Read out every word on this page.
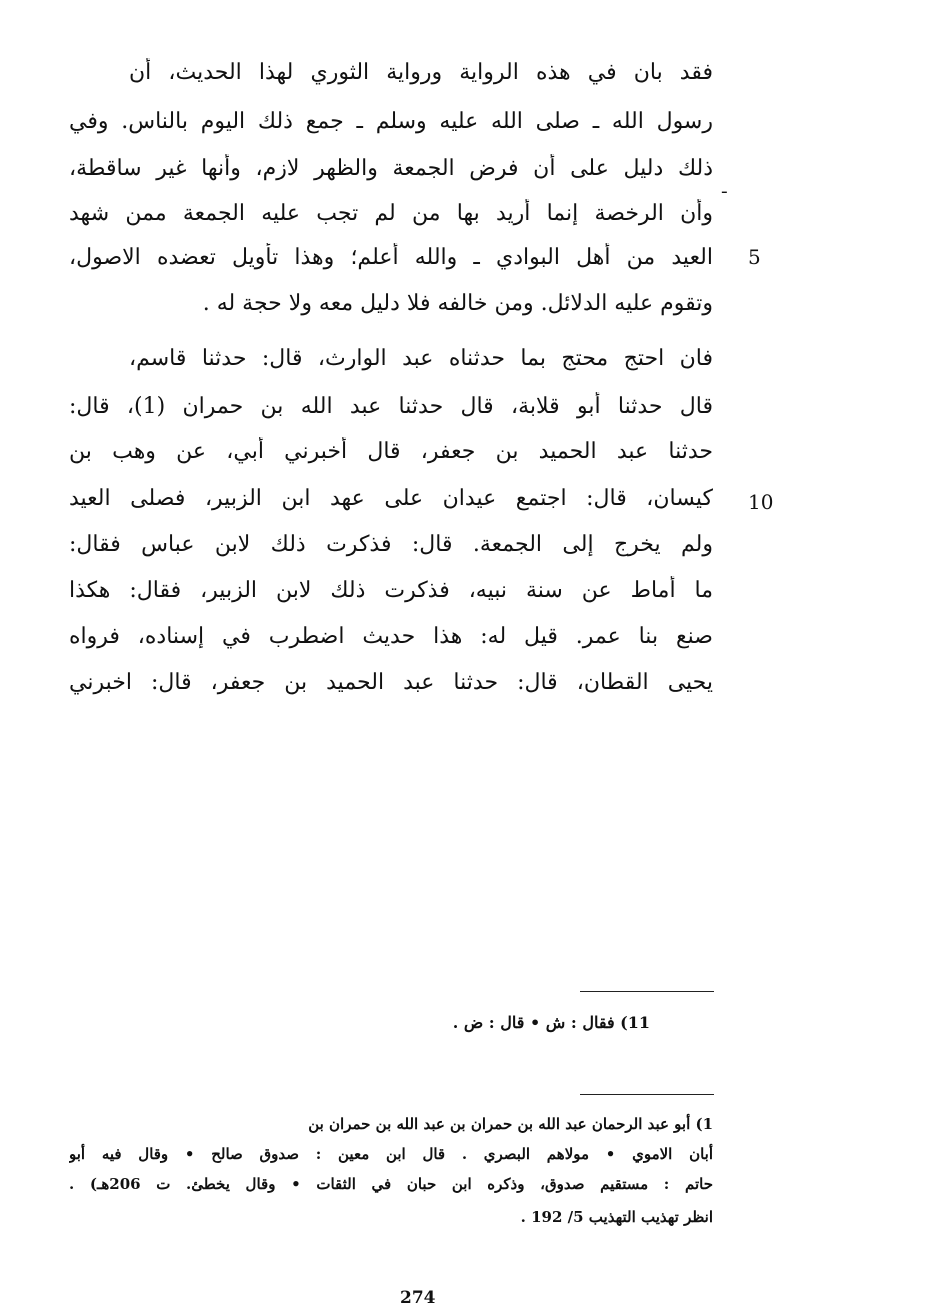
فقد بان في هذه الرواية ورواية الثوري لهذا الحديث، أن
رسول الله ـ صلى الله عليه وسلم ـ جمع ذلك اليوم بالناس. وفي
ذلك دليل على أن فرض الجمعة والظهر لازم، وأنها غير ساقطة،
وأن الرخصة إنما أريد بها من لم تجب عليه الجمعة ممن شهد
العيد من أهل البوادي ـ والله أعلم؛ وهذا تأويل تعضده الاصول،
وتقوم عليه الدلائل. ومن خالفه فلا دليل معه ولا حجة له .
ـ
5
فان احتج محتج بما حدثناه عبد الوارث، قال: حدثنا قاسم،
قال حدثنا أبو قلابة، قال حدثنا عبد الله بن حمران (1)، قال:
حدثنا عبد الحميد بن جعفر، قال أخبرني أبي، عن وهب بن
كيسان، قال: اجتمع عيدان على عهد ابن الزبير، فصلى العيد
ولم يخرج إلى الجمعة. قال: فذكرت ذلك لابن عباس فقال:
ما أماط عن سنة نبيه، فذكرت ذلك لابن الزبير، فقال: هكذا
صنع بنا عمر. قيل له: هذا حديث اضطرب في إسناده، فرواه
يحيى القطان، قال: حدثنا عبد الحميد بن جعفر، قال: اخبرني
10
11) فقال : ش • قال : ض .
1) أبو عبد الرحمان عبد الله بن حمران بن عبد الله بن حمران بن
أبان الاموي • مولاهم البصري . قال ابن معين : صدوق صالح • وقال فيه أبو
حاتم : مستقيم صدوق، وذكره ابن حبان في الثقات • وقال يخطئ. ت 206هـ) .
انظر تهذيب التهذيب 5/ 192 .
274
